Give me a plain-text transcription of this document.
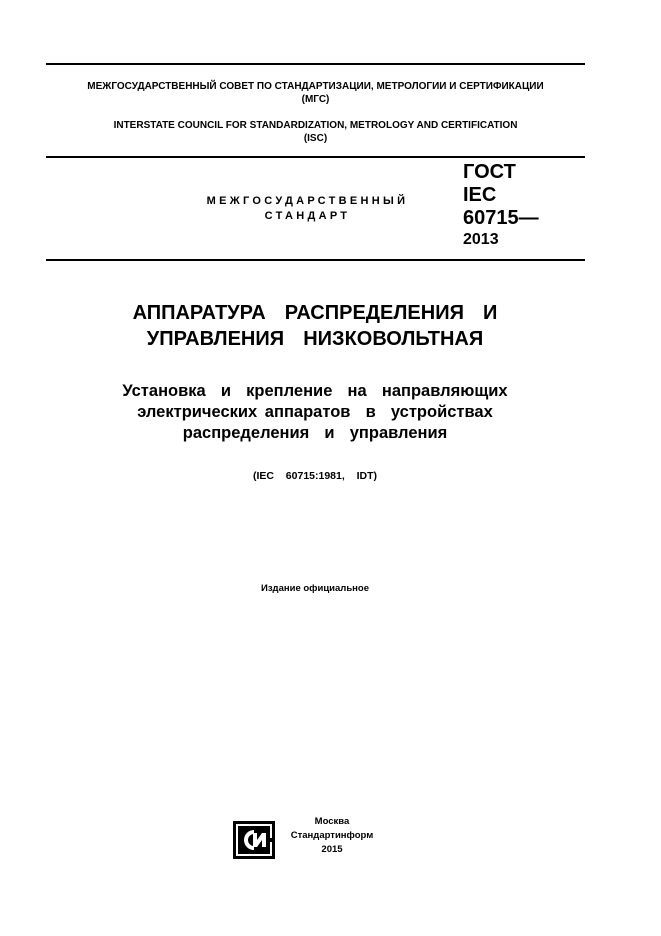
МЕЖГОСУДАРСТВЕННЫЙ СОВЕТ ПО СТАНДАРТИЗАЦИИ, МЕТРОЛОГИИ И СЕРТИФИКАЦИИ
(МГС)
INTERSTATE COUNCIL FOR STANDARDIZATION, METROLOGY AND CERTIFICATION
(ISC)
МЕЖГОСУДАРСТВЕННЫЙ
СТАНДАРТ
ГОСТ
IEC
60715—
2013
АППАРАТУРА  РАСПРЕДЕЛЕНИЯ  И
УПРАВЛЕНИЯ  НИЗКОВОЛЬТНАЯ
Установка  и  крепление  на  направляющих
электрических аппаратов  в  устройствах
распределения  и  управления
(IEC  60715:1981,  IDT)
Издание официальное
Москва
Стандартинформ
2015
